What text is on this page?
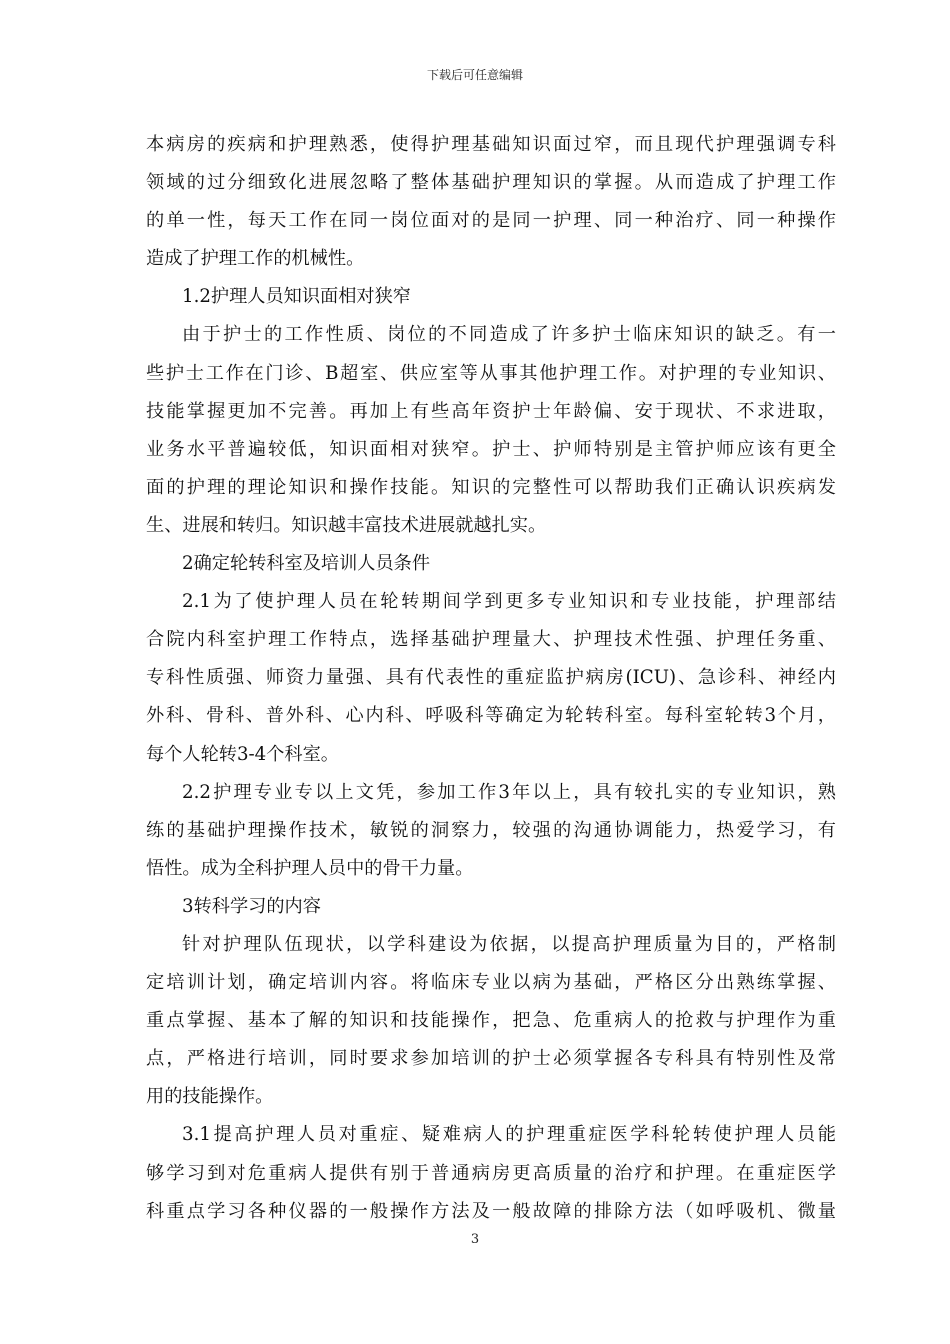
下载后可任意编辑
本病房的疾病和护理熟悉，使得护理基础知识面过窄，而且现代护理强调专科
领域的过分细致化进展忽略了整体基础护理知识的掌握。从而造成了护理工作
的单一性，每天工作在同一岗位面对的是同一护理、同一种治疗、同一种操作
造成了护理工作的机械性。
1.2护理人员知识面相对狭窄
由于护士的工作性质、岗位的不同造成了许多护士临床知识的缺乏。有一
些护士工作在门诊、B超室、供应室等从事其他护理工作。对护理的专业知识、
技能掌握更加不完善。再加上有些高年资护士年龄偏、安于现状、不求进取，
业务水平普遍较低，知识面相对狭窄。护士、护师特别是主管护师应该有更全
面的护理的理论知识和操作技能。知识的完整性可以帮助我们正确认识疾病发
生、进展和转归。知识越丰富技术进展就越扎实。
2确定轮转科室及培训人员条件
2.1为了使护理人员在轮转期间学到更多专业知识和专业技能，护理部结
合院内科室护理工作特点，选择基础护理量大、护理技术性强、护理任务重、
专科性质强、师资力量强、具有代表性的重症监护病房(ICU)、急诊科、神经内
外科、骨科、普外科、心内科、呼吸科等确定为轮转科室。每科室轮转3个月，
每个人轮转3-4个科室。
2.2护理专业专以上文凭，参加工作3年以上，具有较扎实的专业知识，熟
练的基础护理操作技术，敏锐的洞察力，较强的沟通协调能力，热爱学习，有
悟性。成为全科护理人员中的骨干力量。
3转科学习的内容
针对护理队伍现状，以学科建设为依据，以提高护理质量为目的，严格制
定培训计划，确定培训内容。将临床专业以病为基础，严格区分出熟练掌握、
重点掌握、基本了解的知识和技能操作，把急、危重病人的抢救与护理作为重
点，严格进行培训，同时要求参加培训的护士必须掌握各专科具有特别性及常
用的技能操作。
3.1提高护理人员对重症、疑难病人的护理重症医学科轮转使护理人员能
够学习到对危重病人提供有别于普通病房更高质量的治疗和护理。在重症医学
科重点学习各种仪器的一般操作方法及一般故障的排除方法（如呼吸机、微量
3
